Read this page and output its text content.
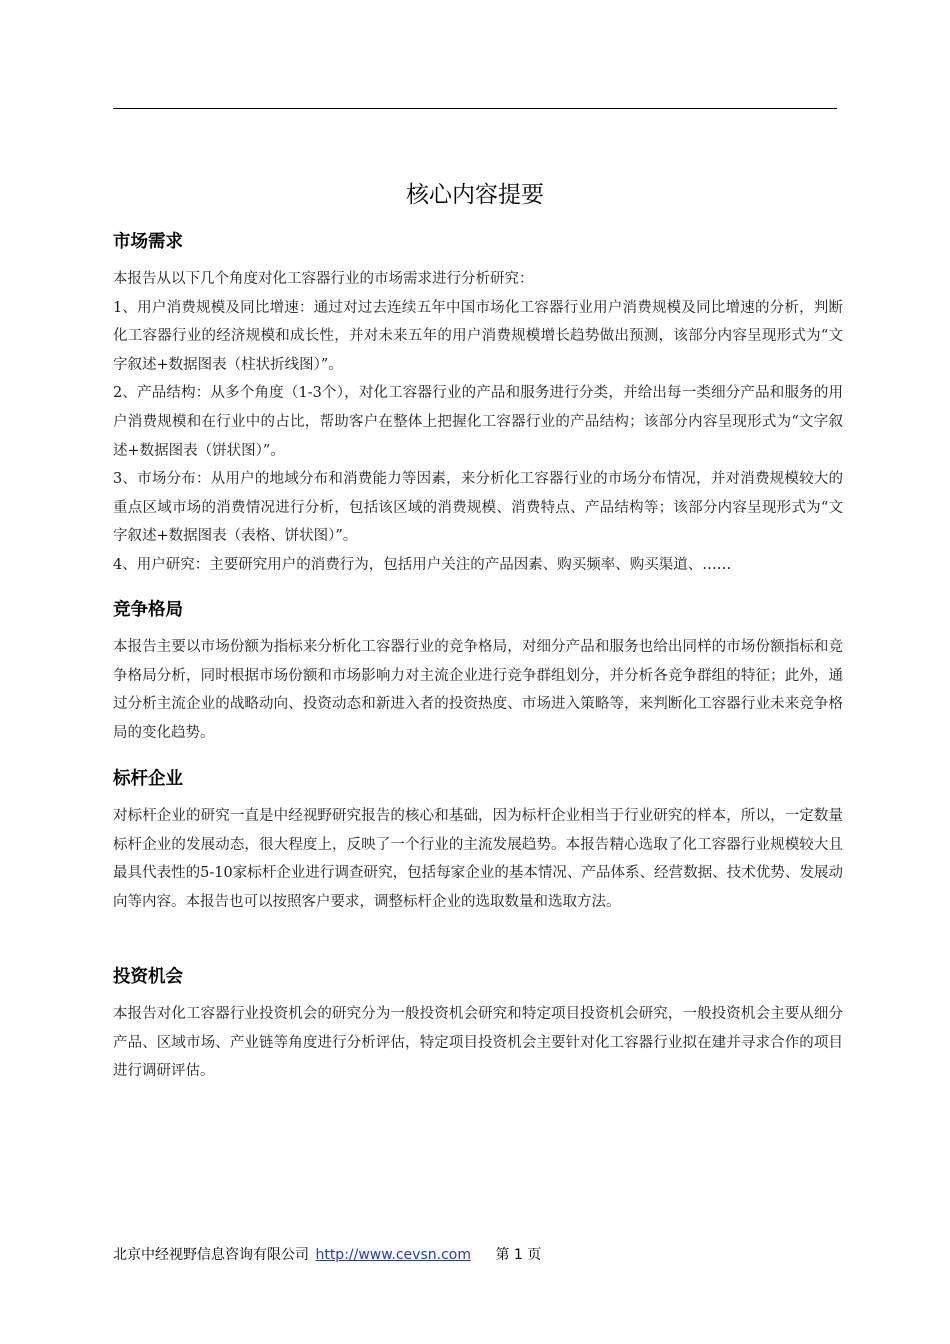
核心内容提要
市场需求

本报告从以下几个角度对化工容器行业的市场需求进行分析研究：

1、用户消费规模及同比增速：通过对过去连续五年中国市场化工容器行业用户消费规模及同比增速的分析，判断化工容器行业的经济规模和成长性，并对未来五年的用户消费规模增长趋势做出预测，该部分内容呈现形式为“文字叙述+数据图表（柱状折线图）”。

2、产品结构：从多个角度（1-3个），对化工容器行业的产品和服务进行分类，并给出每一类细分产品和服务的用户消费规模和在行业中的占比，帮助客户在整体上把握化工容器行业的产品结构；该部分内容呈现形式为“文字叙述+数据图表（饼状图）”。

3、市场分布：从用户的地域分布和消费能力等因素，来分析化工容器行业的市场分布情况，并对消费规模较大的重点区域市场的消费情况进行分析，包括该区域的消费规模、消费特点、产品结构等；该部分内容呈现形式为“文字叙述+数据图表（表格、饼状图）”。

4、用户研究：主要研究用户的消费行为，包括用户关注的产品因素、购买频率、购买渠道、……

竞争格局

本报告主要以市场份额为指标来分析化工容器行业的竞争格局，对细分产品和服务也给出同样的市场份额指标和竞争格局分析，同时根据市场份额和市场影响力对主流企业进行竞争群组划分，并分析各竞争群组的特征；此外，通过分析主流企业的战略动向、投资动态和新进入者的投资热度、市场进入策略等，来判断化工容器行业未来竞争格局的变化趋势。

标杆企业

对标杆企业的研究一直是中经视野研究报告的核心和基础，因为标杆企业相当于行业研究的样本，所以，一定数量标杆企业的发展动态，很大程度上，反映了一个行业的主流发展趋势。本报告精心选取了化工容器行业规模较大且最具代表性的5-10家标杆企业进行调查研究，包括每家企业的基本情况、产品体系、经营数据、技术优势、发展动向等内容。本报告也可以按照客户要求，调整标杆企业的选取数量和选取方法。

投资机会

本报告对化工容器行业投资机会的研究分为一般投资机会研究和特定项目投资机会研究，一般投资机会主要从细分产品、区域市场、产业链等角度进行分析评估，特定项目投资机会主要针对化工容器行业拟在建并寻求合作的项目进行调研评估。

北京中经视野信息咨询有限公司 http://www.cevsn.com 第 1 页
